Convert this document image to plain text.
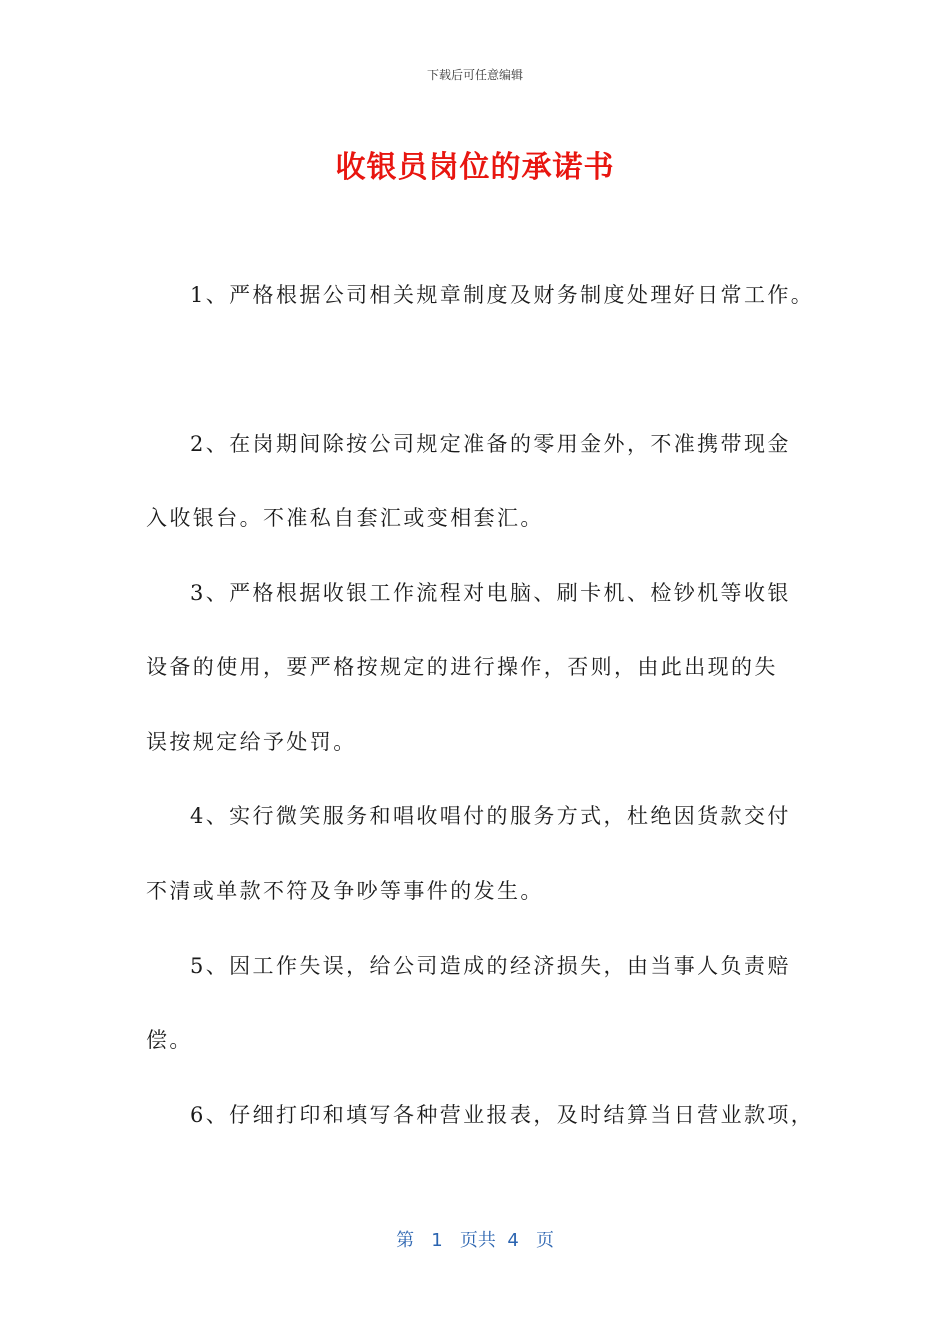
下载后可任意编辑
收银员岗位的承诺书
1、严格根据公司相关规章制度及财务制度处理好日常工作。
2、在岗期间除按公司规定准备的零用金外，不准携带现金
入收银台。不准私自套汇或变相套汇。
3、严格根据收银工作流程对电脑、刷卡机、检钞机等收银
设备的使用，要严格按规定的进行操作，否则，由此出现的失
误按规定给予处罚。
4、实行微笑服务和唱收唱付的服务方式，杜绝因货款交付
不清或单款不符及争吵等事件的发生。
5、因工作失误，给公司造成的经济损失，由当事人负责赔
偿。
6、仔细打印和填写各种营业报表，及时结算当日营业款项，
第 1 页共 4 页
